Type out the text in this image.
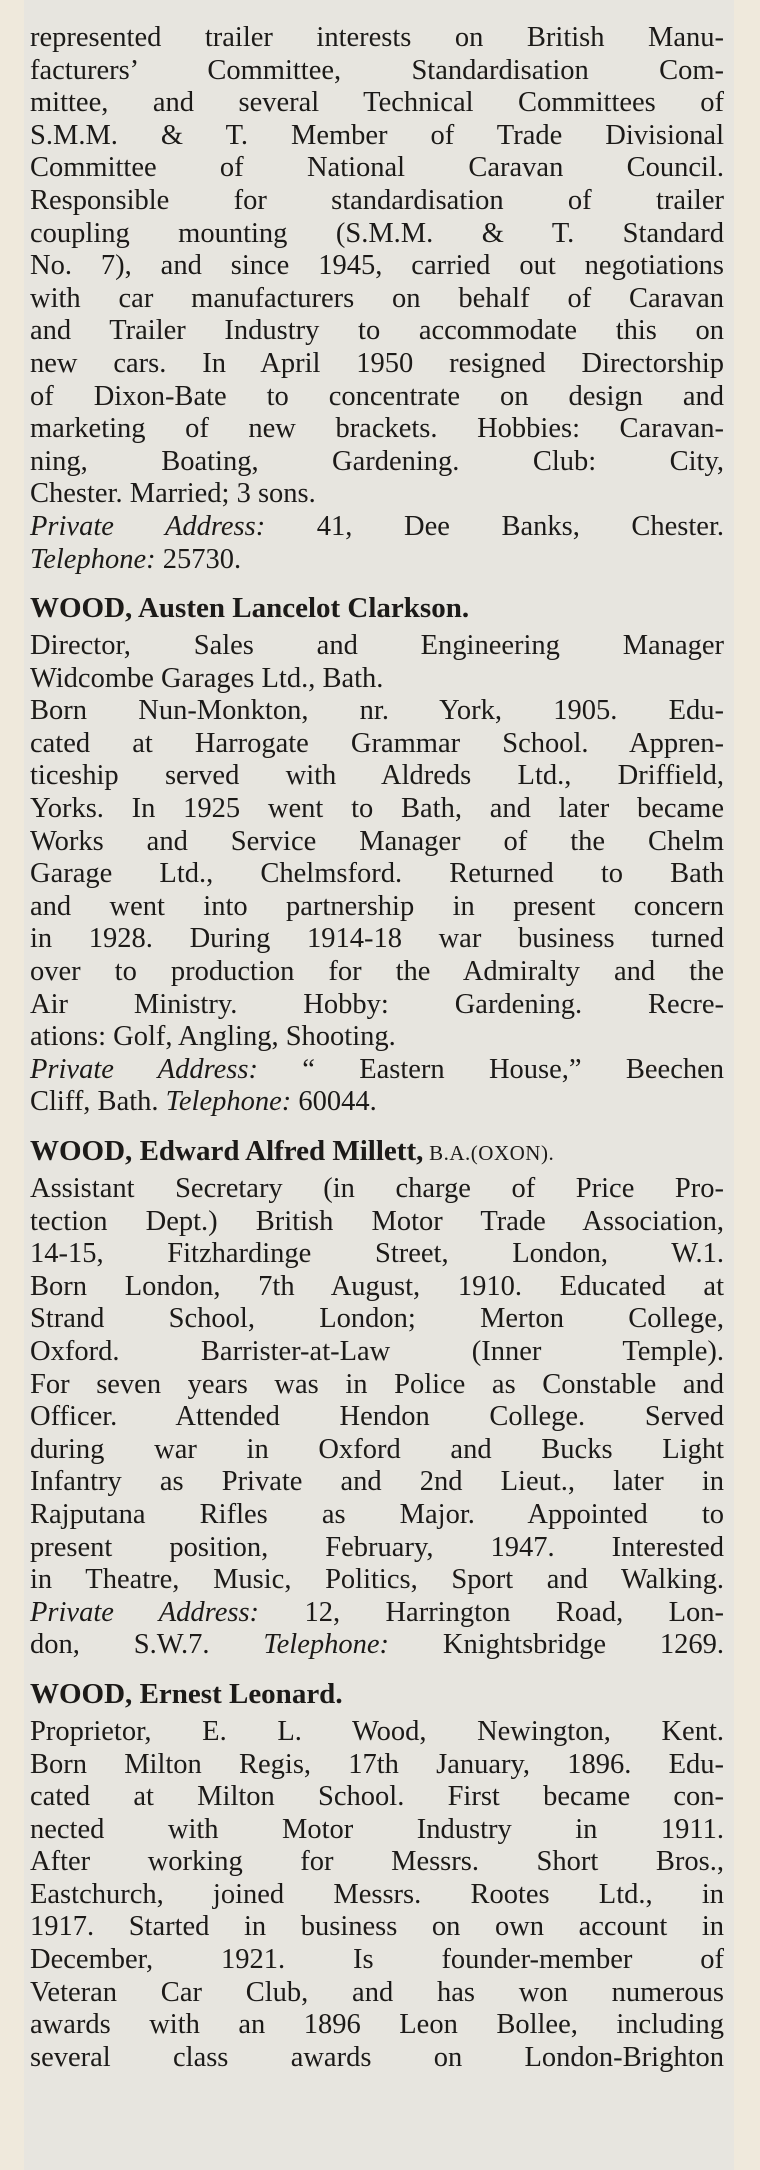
represented trailer interests on British Manu-
facturers’ Committee, Standardisation Com-
mittee, and several Technical Committees of
S.M.M. & T. Member of Trade Divisional
Committee of National Caravan Council.
Responsible for standardisation of trailer
coupling mounting (S.M.M. & T. Standard
No. 7), and since 1945, carried out negotiations
with car manufacturers on behalf of Caravan
and Trailer Industry to accommodate this on
new cars. In April 1950 resigned Directorship
of Dixon-Bate to concentrate on design and
marketing of new brackets. Hobbies: Caravan-
ning, Boating, Gardening. Club: City,
Chester. Married; 3 sons.
Private Address: 41, Dee Banks, Chester.
Telephone: 25730.
WOOD, Austen Lancelot Clarkson.
Director, Sales and Engineering Manager
Widcombe Garages Ltd., Bath.
Born Nun-Monkton, nr. York, 1905. Edu-
cated at Harrogate Grammar School. Appren-
ticeship served with Aldreds Ltd., Driffield,
Yorks. In 1925 went to Bath, and later became
Works and Service Manager of the Chelm
Garage Ltd., Chelmsford. Returned to Bath
and went into partnership in present concern
in 1928. During 1914-18 war business turned
over to production for the Admiralty and the
Air Ministry. Hobby: Gardening. Recre-
ations: Golf, Angling, Shooting.
Private Address: “ Eastern House,” Beechen
Cliff, Bath. Telephone: 60044.
WOOD, Edward Alfred Millett, B.A.(OXON).
Assistant Secretary (in charge of Price Pro-
tection Dept.) British Motor Trade Association,
14-15, Fitzhardinge Street, London, W.1.
Born London, 7th August, 1910. Educated at
Strand School, London; Merton College,
Oxford. Barrister-at-Law (Inner Temple).
For seven years was in Police as Constable and
Officer. Attended Hendon College. Served
during war in Oxford and Bucks Light
Infantry as Private and 2nd Lieut., later in
Rajputana Rifles as Major. Appointed to
present position, February, 1947. Interested
in Theatre, Music, Politics, Sport and Walking.
Private Address: 12, Harrington Road, Lon-
don, S.W.7. Telephone: Knightsbridge 1269.
WOOD, Ernest Leonard.
Proprietor, E. L. Wood, Newington, Kent.
Born Milton Regis, 17th January, 1896. Edu-
cated at Milton School. First became con-
nected with Motor Industry in 1911.
After working for Messrs. Short Bros.,
Eastchurch, joined Messrs. Rootes Ltd., in
1917. Started in business on own account in
December, 1921. Is founder-member of
Veteran Car Club, and has won numerous
awards with an 1896 Leon Bollee, including
several class awards on London-Brighton
